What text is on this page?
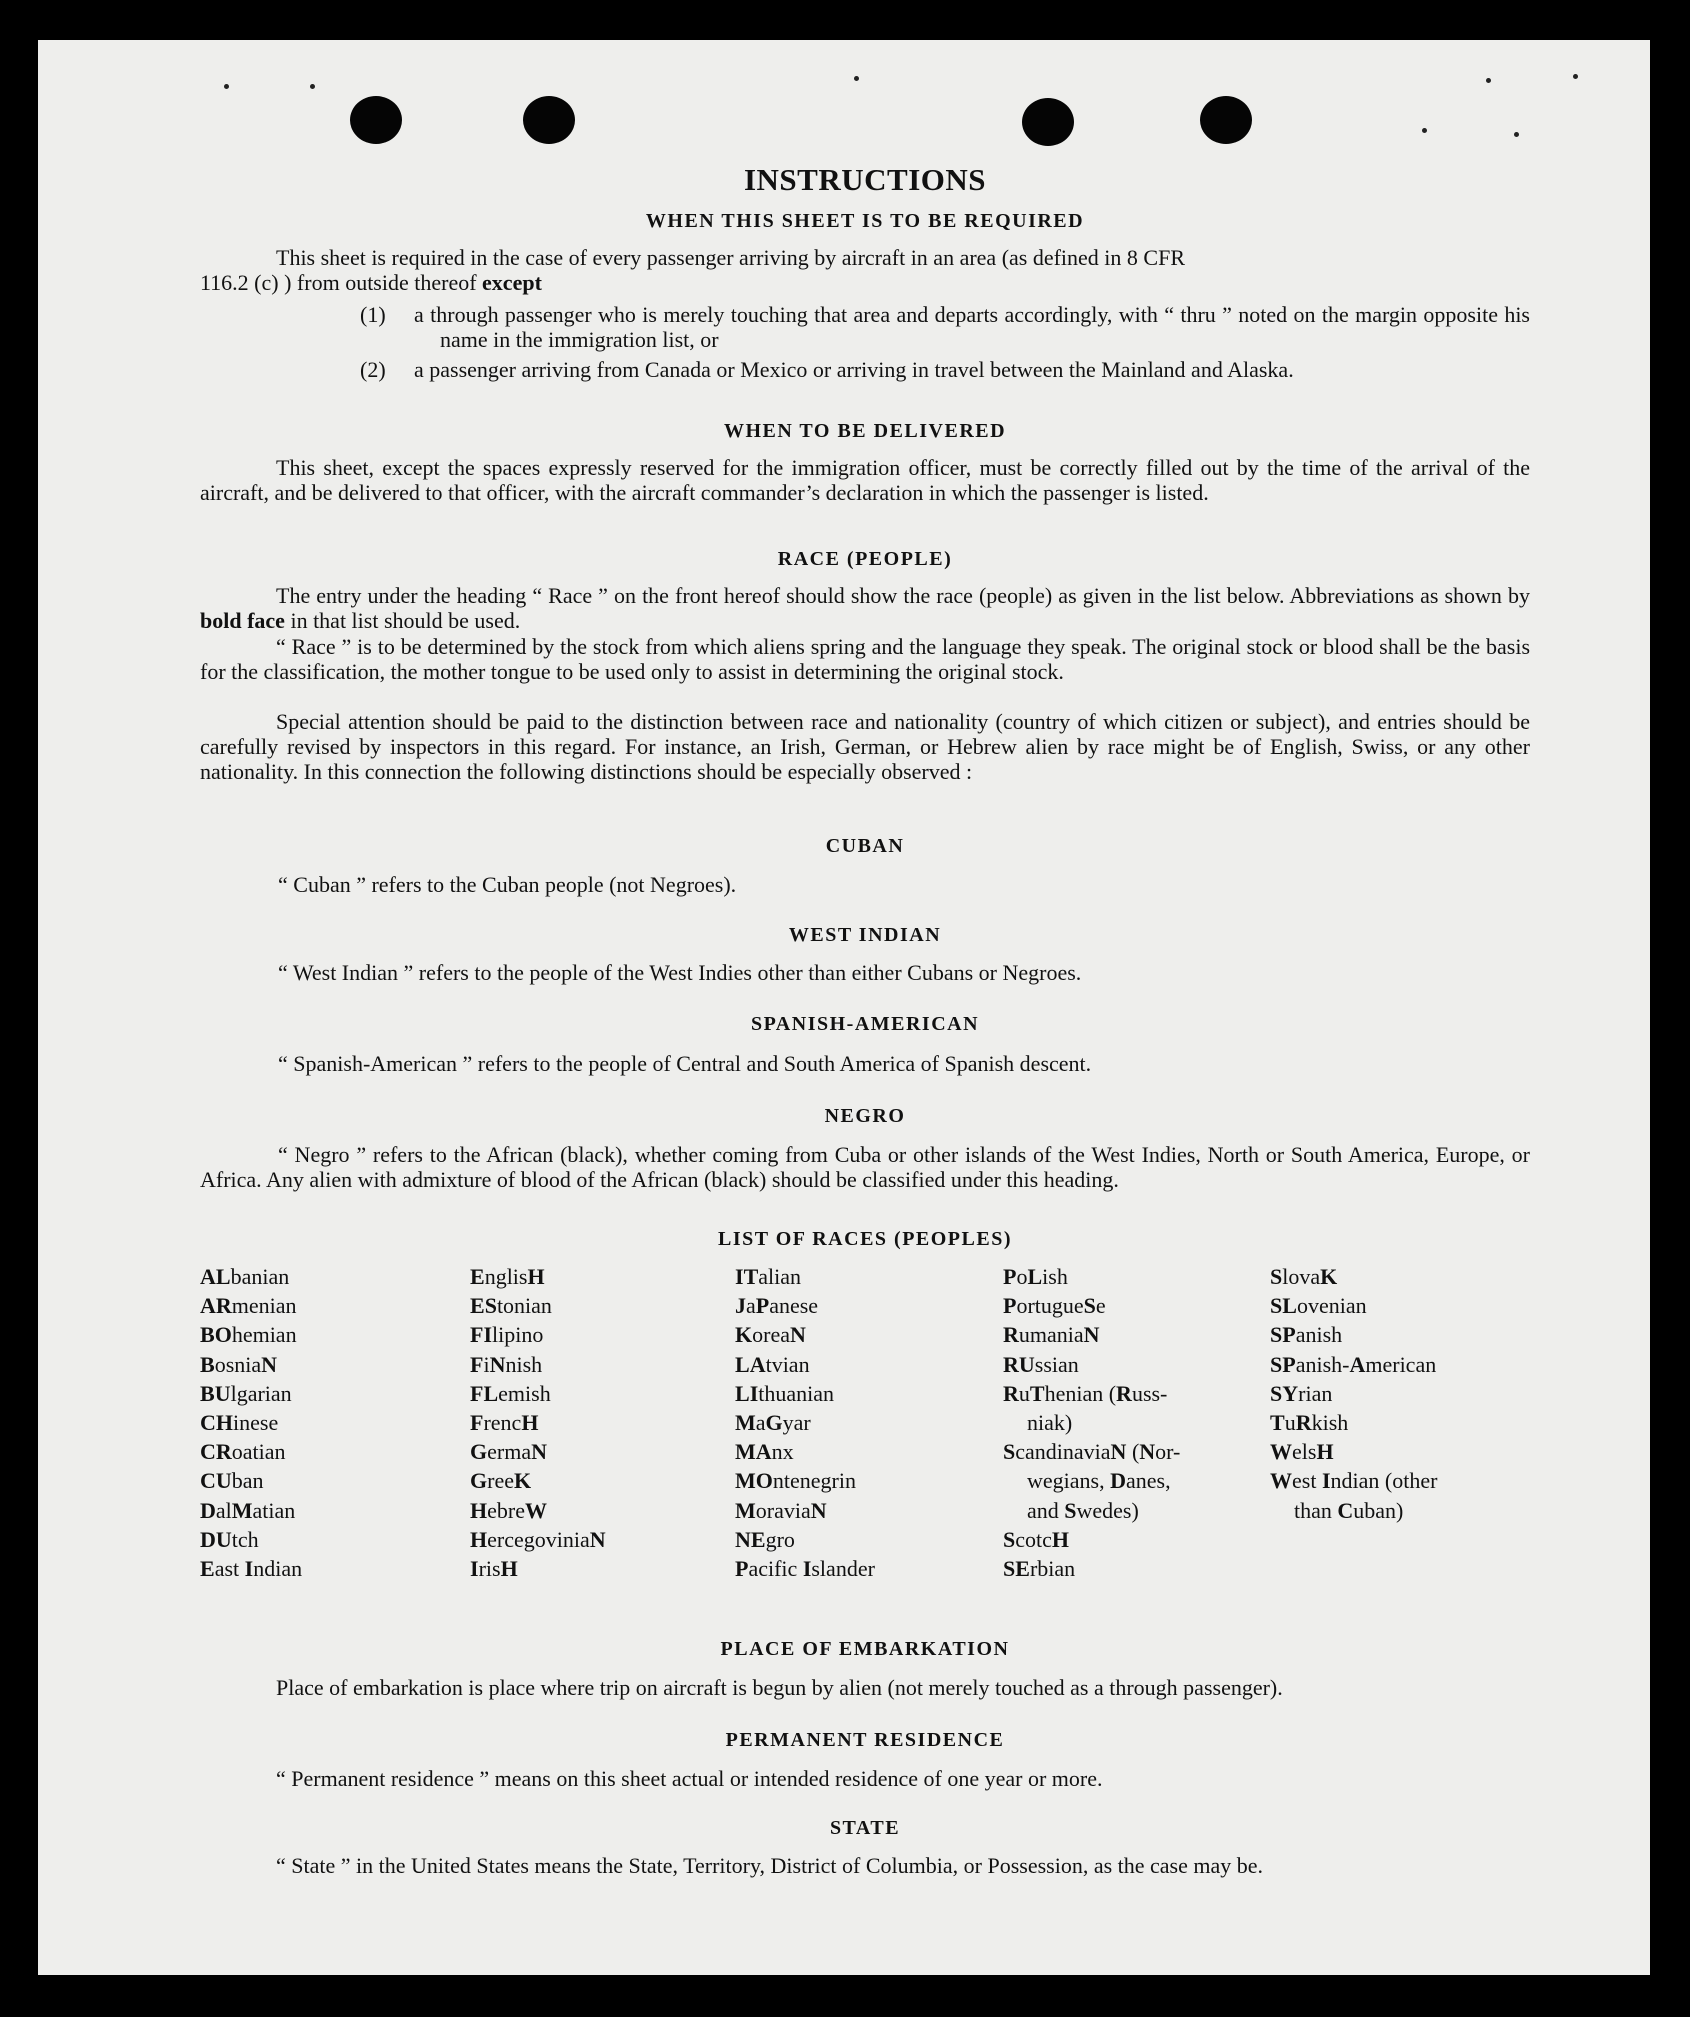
INSTRUCTIONS
WHEN THIS SHEET IS TO BE REQUIRED
This sheet is required in the case of every passenger arriving by aircraft in an area (as defined in 8 CFR
116.2 (c) ) from outside thereof except
(1) a through passenger who is merely touching that area and departs accordingly, with “ thru ” noted on the margin opposite his name in the immigration list, or
(2) a passenger arriving from Canada or Mexico or arriving in travel between the Mainland and Alaska.
WHEN TO BE DELIVERED
This sheet, except the spaces expressly reserved for the immigration officer, must be correctly filled out by the time of the arrival of the aircraft, and be delivered to that officer, with the aircraft commander’s declaration in which the passenger is listed.
RACE (PEOPLE)
The entry under the heading “ Race ” on the front hereof should show the race (people) as given in the list below. Abbreviations as shown by bold face in that list should be used.
“ Race ” is to be determined by the stock from which aliens spring and the language they speak. The original stock or blood shall be the basis for the classification, the mother tongue to be used only to assist in determining the original stock.
Special attention should be paid to the distinction between race and nationality (country of which citizen or subject), and entries should be carefully revised by inspectors in this regard. For instance, an Irish, German, or Hebrew alien by race might be of English, Swiss, or any other nationality. In this connection the following distinctions should be especially observed :
CUBAN
“ Cuban ” refers to the Cuban people (not Negroes).
WEST INDIAN
“ West Indian ” refers to the people of the West Indies other than either Cubans or Negroes.
SPANISH-AMERICAN
“ Spanish-American ” refers to the people of Central and South America of Spanish descent.
NEGRO
“ Negro ” refers to the African (black), whether coming from Cuba or other islands of the West Indies, North or South America, Europe, or Africa. Any alien with admixture of blood of the African (black) should be classified under this heading.
LIST OF RACES (PEOPLES)
ALbanian
ARmenian
BOhemian
BosniaN
BUlgarian
CHinese
CRoatian
CUban
DalMatian
DUtch
East Indian
EnglisH
EStonian
FIlipino
FiNnish
FLemish
FrencH
GermaN
GreeK
HebreW
HercegoviniaN
IrisH
ITalian
JaPanese
KoreaN
LAtvian
LIthuanian
MaGyar
MAnx
MOntenegrin
MoraviaN
NEgro
Pacific Islander
PoLish
PortugueSe
RumaniaN
RUssian
RuThenian (Russ-
niak)
ScandinaviaN (Nor-
wegians, Danes,
and Swedes)
ScotcH
SErbian
SlovaK
SLovenian
SPanish
SPanish-American
SYrian
TuRkish
WelsH
West Indian (other
than Cuban)
PLACE OF EMBARKATION
Place of embarkation is place where trip on aircraft is begun by alien (not merely touched as a through passenger).
PERMANENT RESIDENCE
“ Permanent residence ” means on this sheet actual or intended residence of one year or more.
STATE
“ State ” in the United States means the State, Territory, District of Columbia, or Possession, as the case may be.
